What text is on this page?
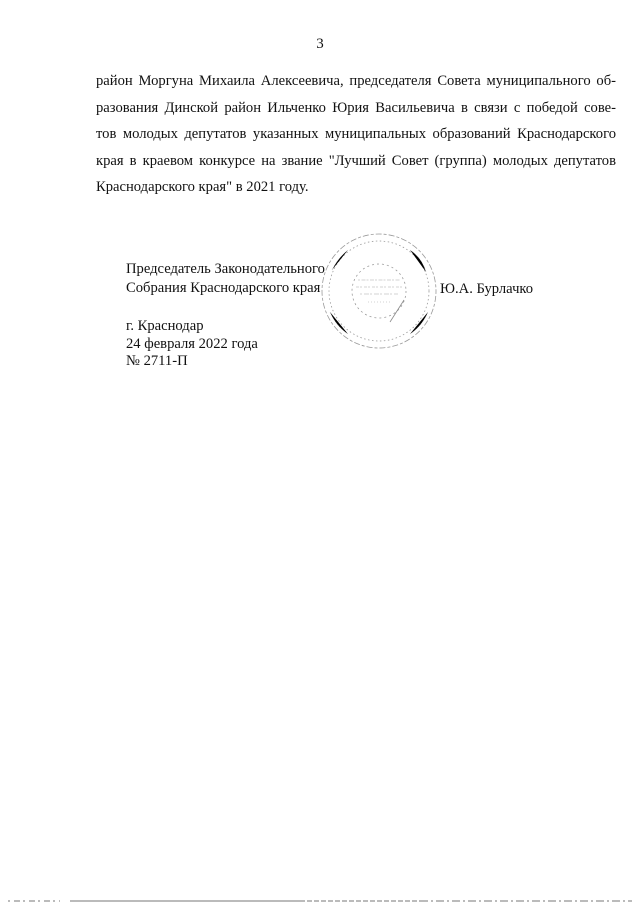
3
район Моргуна Михаила Алексеевича, председателя Совета муниципального об-
разования Динской район Ильченко Юрия Васильевича в связи с победой сове-
тов молодых депутатов указанных муниципальных образований Краснодарского
края в краевом конкурсе на звание "Лучший Совет (группа) молодых депутатов
Краснодарского края" в 2021 году.
Председатель Законодательного
Собрания Краснодарского края	Ю.А. Бурлачко
г. Краснодар
24 февраля 2022 года
№ 2711-П
